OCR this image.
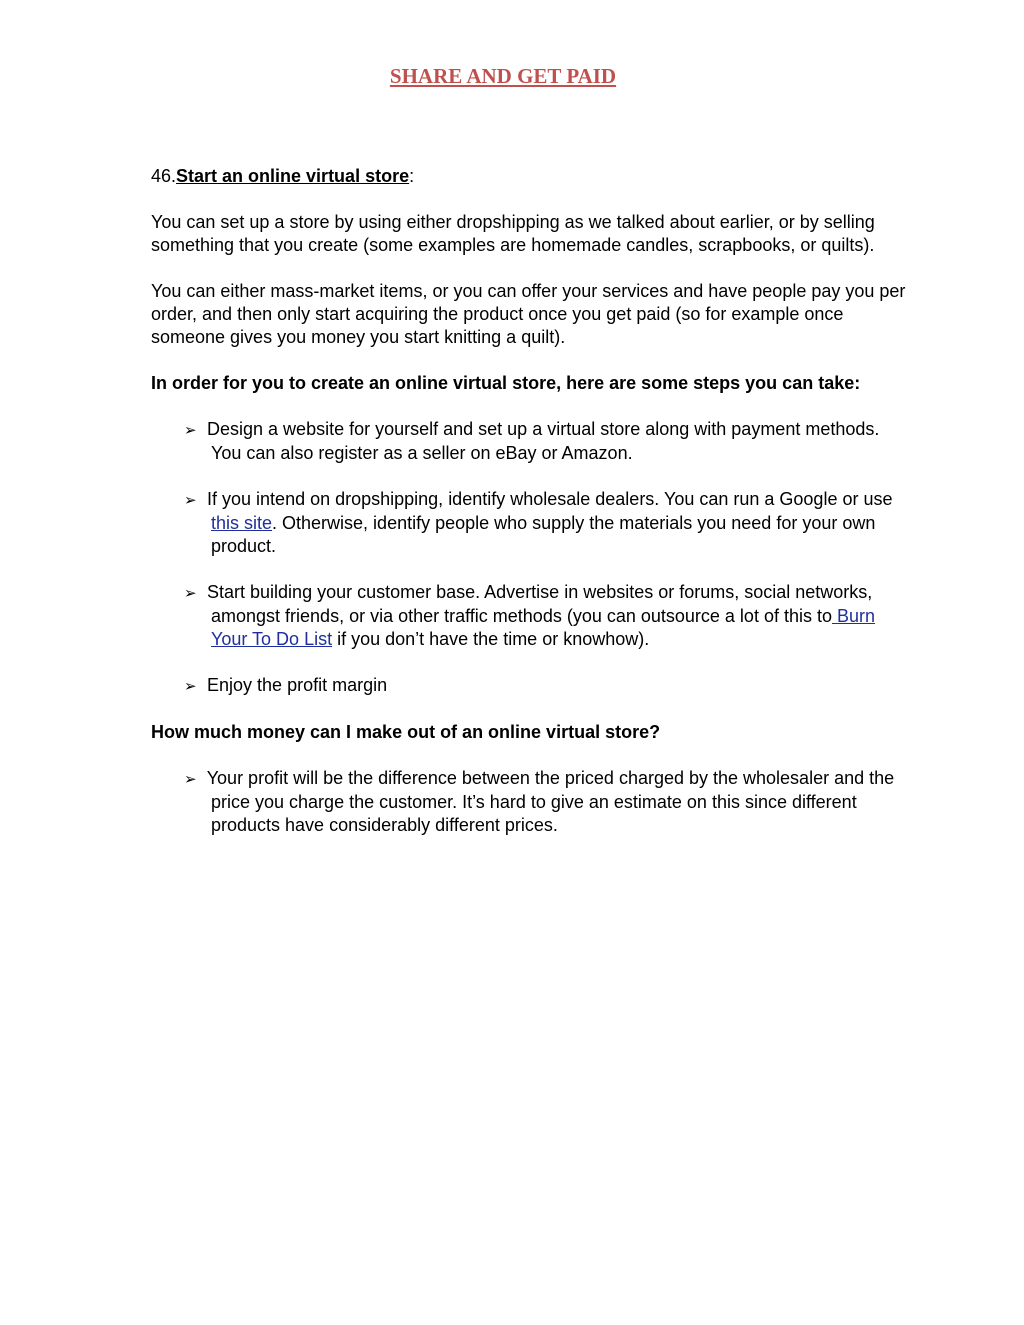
SHARE AND GET PAID

46.Start an online virtual store:

You can set up a store by using either dropshipping as we talked about earlier, or by selling something that you create (some examples are homemade candles, scrapbooks, or quilts).

You can either mass-market items, or you can offer your services and have people pay you per order, and then only start acquiring the product once you get paid (so for example once someone gives you money you start knitting a quilt).

In order for you to create an online virtual store, here are some steps you can take:

➢ Design a website for yourself and set up a virtual store along with payment methods. You can also register as a seller on eBay or Amazon.
➢ If you intend on dropshipping, identify wholesale dealers. You can run a Google or use this site. Otherwise, identify people who supply the materials you need for your own product.
➢ Start building your customer base. Advertise in websites or forums, social networks, amongst friends, or via other traffic methods (you can outsource a lot of this to Burn Your To Do List if you don’t have the time or knowhow).
➢ Enjoy the profit margin

How much money can I make out of an online virtual store?

➢ Your profit will be the difference between the priced charged by the wholesaler and the price you charge the customer. It’s hard to give an estimate on this since different products have considerably different prices.
